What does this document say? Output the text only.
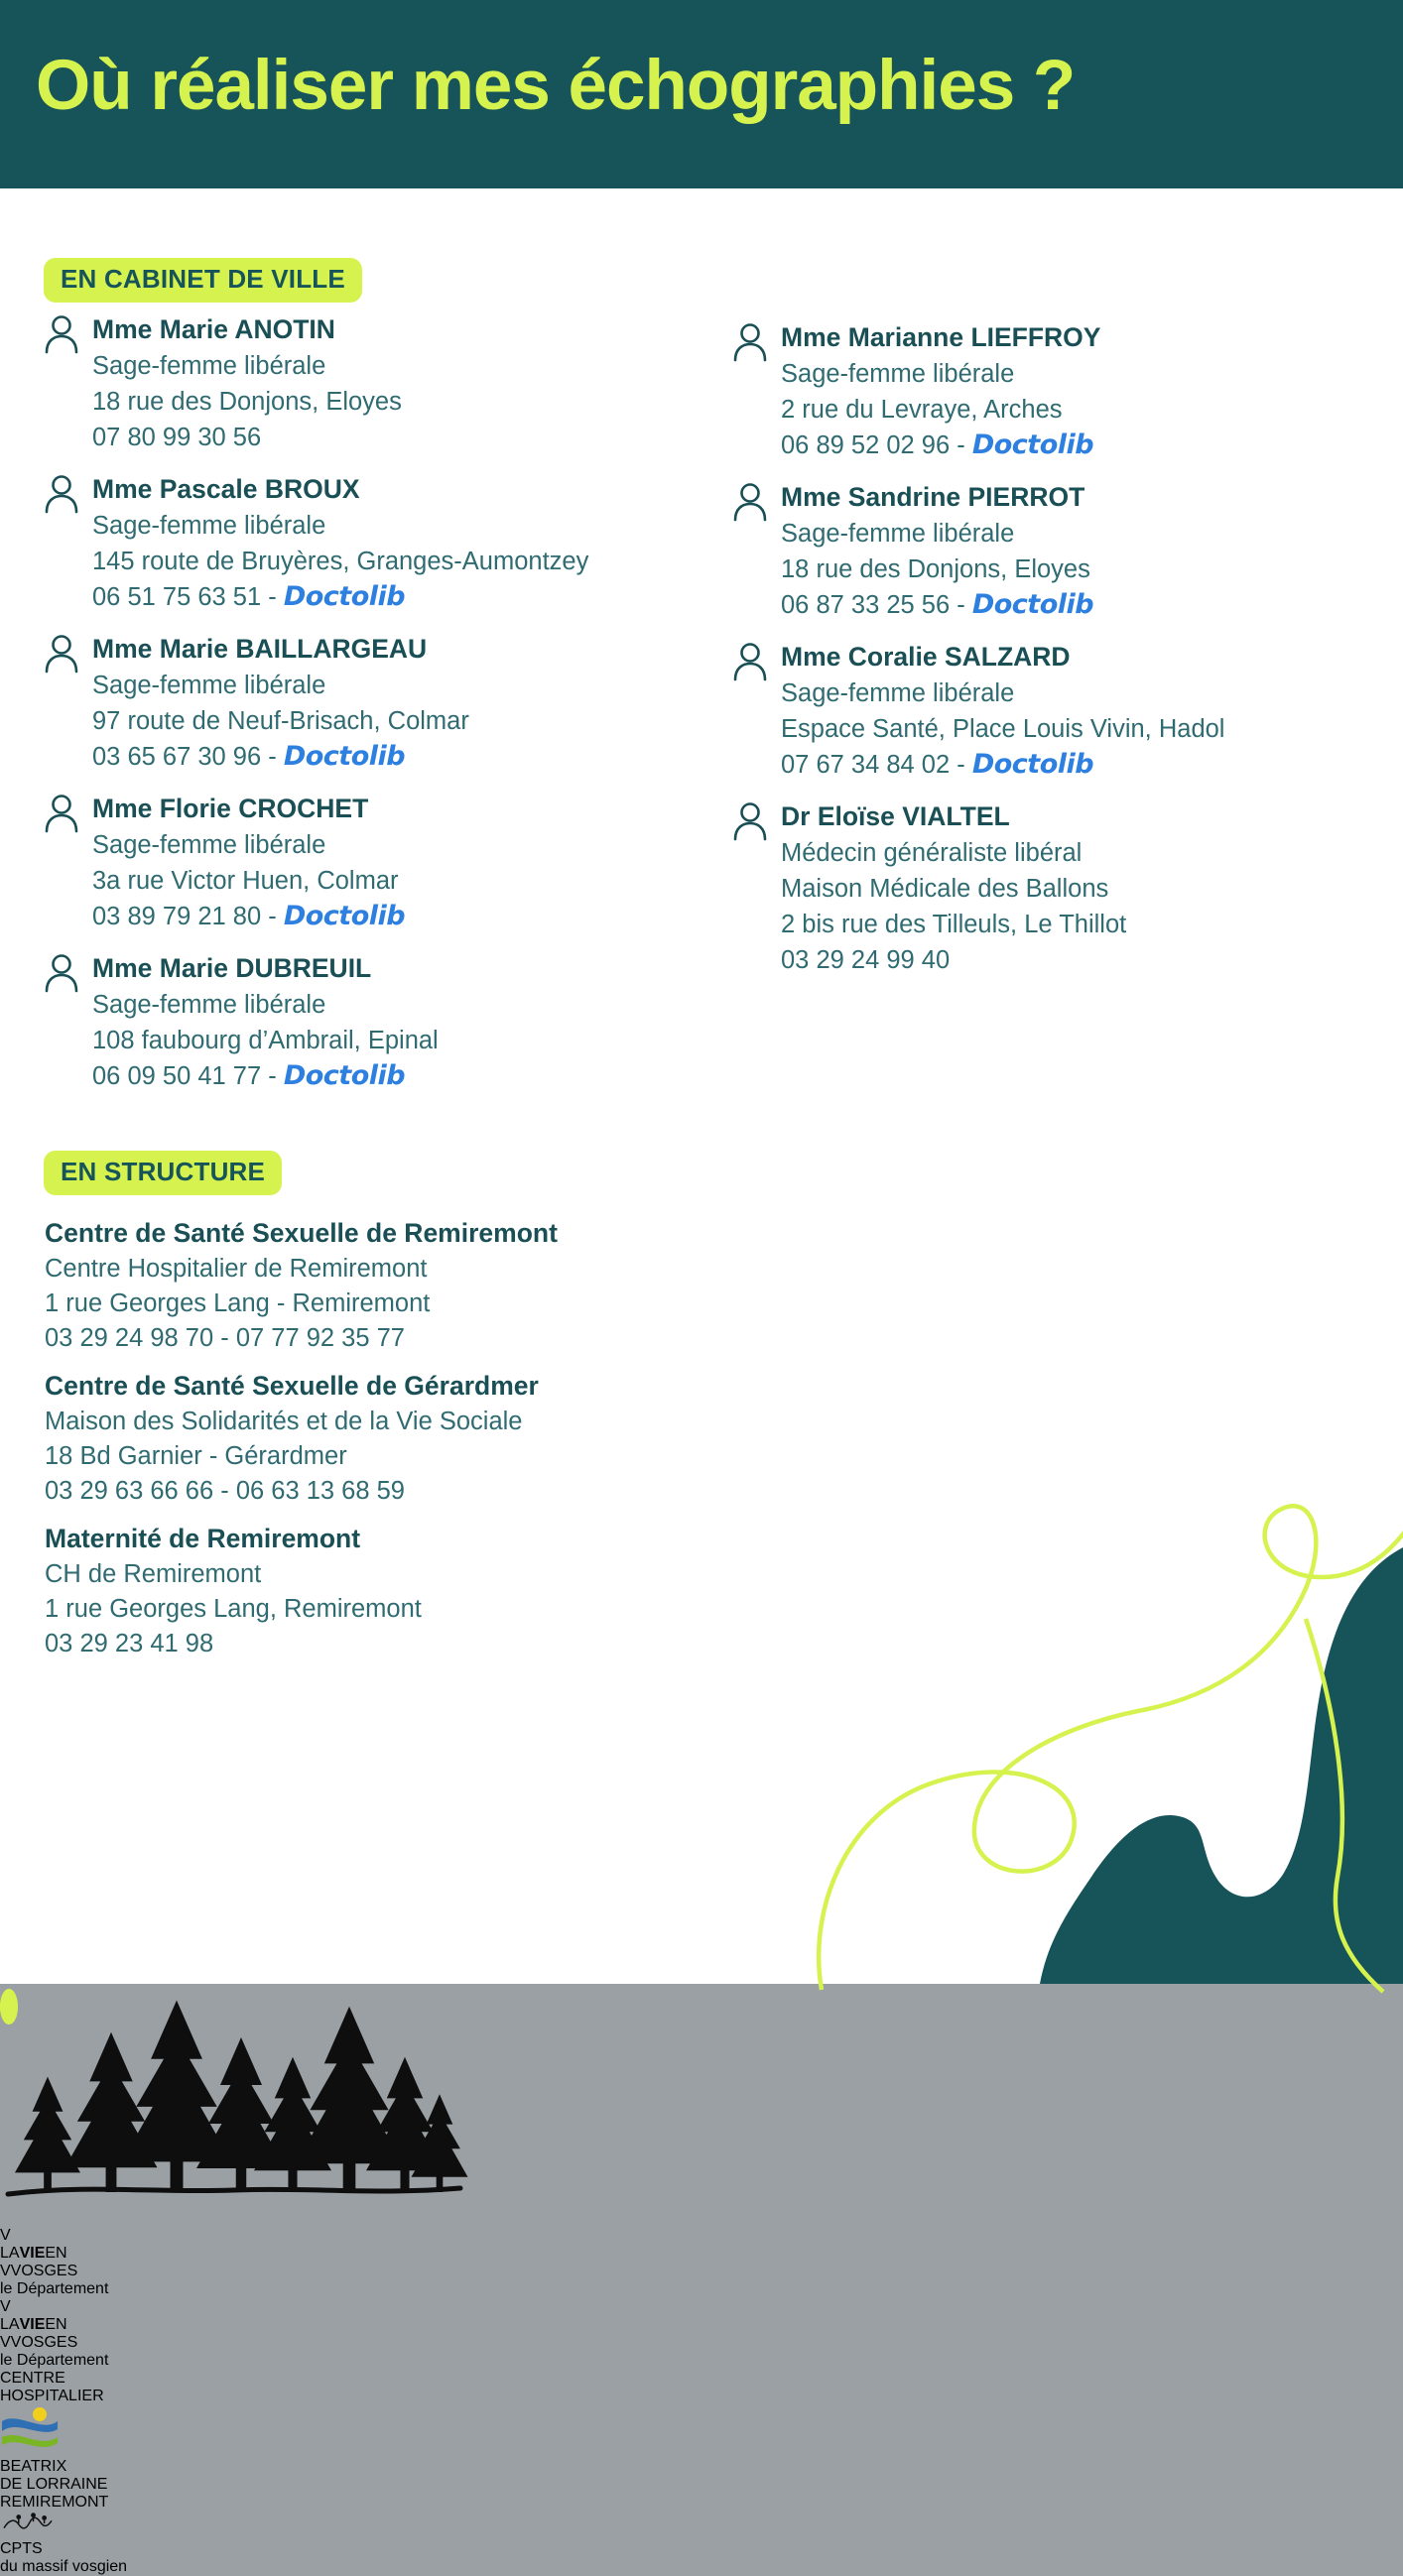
Où réaliser mes échographies ?

EN CABINET DE VILLE
EN STRUCTURE
Mme Marie ANOTIN
Sage-femme libérale
18 rue des Donjons, Eloyes
07 80 99 30 56
Mme Pascale BROUX
Sage-femme libérale
145 route de Bruyères, Granges-Aumontzey
06 51 75 63 51 - Doctolib
Mme Marie BAILLARGEAU
Sage-femme libérale
97 route de Neuf-Brisach, Colmar
03 65 67 30 96 - Doctolib
Mme Florie CROCHET
Sage-femme libérale
3a rue Victor Huen, Colmar
03 89 79 21 80 - Doctolib
Mme Marie DUBREUIL
Sage-femme libérale
108 faubourg d’Ambrail, Epinal
06 09 50 41 77 - Doctolib
Mme Marianne LIEFFROY
Sage-femme libérale
2 rue du Levraye, Arches
06 89 52 02 96 - Doctolib
Mme Sandrine PIERROT
Sage-femme libérale
18 rue des Donjons, Eloyes
06 87 33 25 56 - Doctolib
Mme Coralie SALZARD
Sage-femme libérale
Espace Santé, Place Louis Vivin, Hadol
07 67 34 84 02 - Doctolib
Dr Eloïse VIALTEL
Médecin généraliste libéral
Maison Médicale des Ballons
2 bis rue des Tilleuls, Le Thillot
03 29 24 99 40
Centre de Santé Sexuelle de Remiremont
Centre Hospitalier de Remiremont
1 rue Georges Lang - Remiremont
03 29 24 98 70 - 07 77 92 35 77
Centre de Santé Sexuelle de Gérardmer
Maison des Solidarités et de la Vie Sociale
18 Bd Garnier - Gérardmer
03 29 63 66 66 - 06 63 13 68 59
Maternité de Remiremont
CH de Remiremont
1 rue Georges Lang, Remiremont
03 29 23 41 98
V
LAVIEEN
VVOSGES
le Département
V
LAVIEEN
VVOSGES
le Département
CENTRE
HOSPITALIER
BEATRIX
DE LORRAINE
REMIREMONT
CPTS
du massif vosgien
